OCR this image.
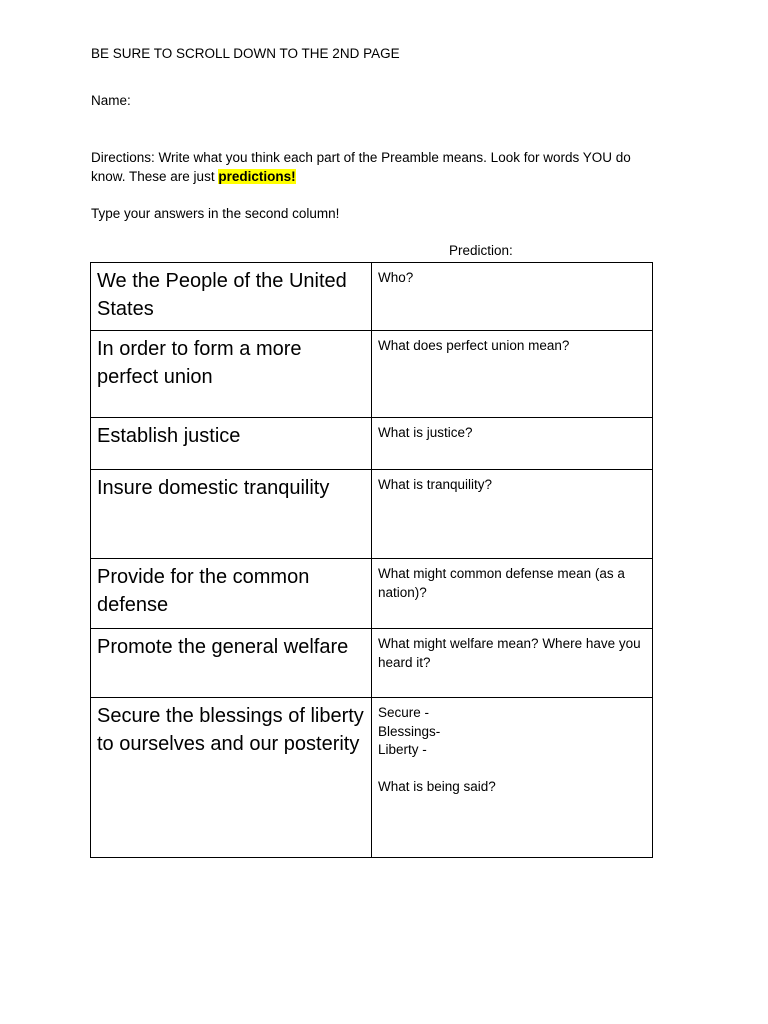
BE SURE TO SCROLL DOWN TO THE 2ND PAGE
Name:
Directions: Write what you think each part of the Preamble means. Look for words YOU do know. These are just predictions!
Type your answers in the second column!
Prediction:
We the People of the United States	Who?

In order to form a more perfect union	What does perfect union mean?

Establish justice	What is justice?

Insure domestic tranquility	What is tranquility?

Provide for the common defense	What might common defense mean (as a nation)?

Promote the general welfare	What might welfare mean? Where have you heard it?

Secure the blessings of liberty to ourselves and our posterity	Secure -
Blessings-
Liberty -

What is being said?
